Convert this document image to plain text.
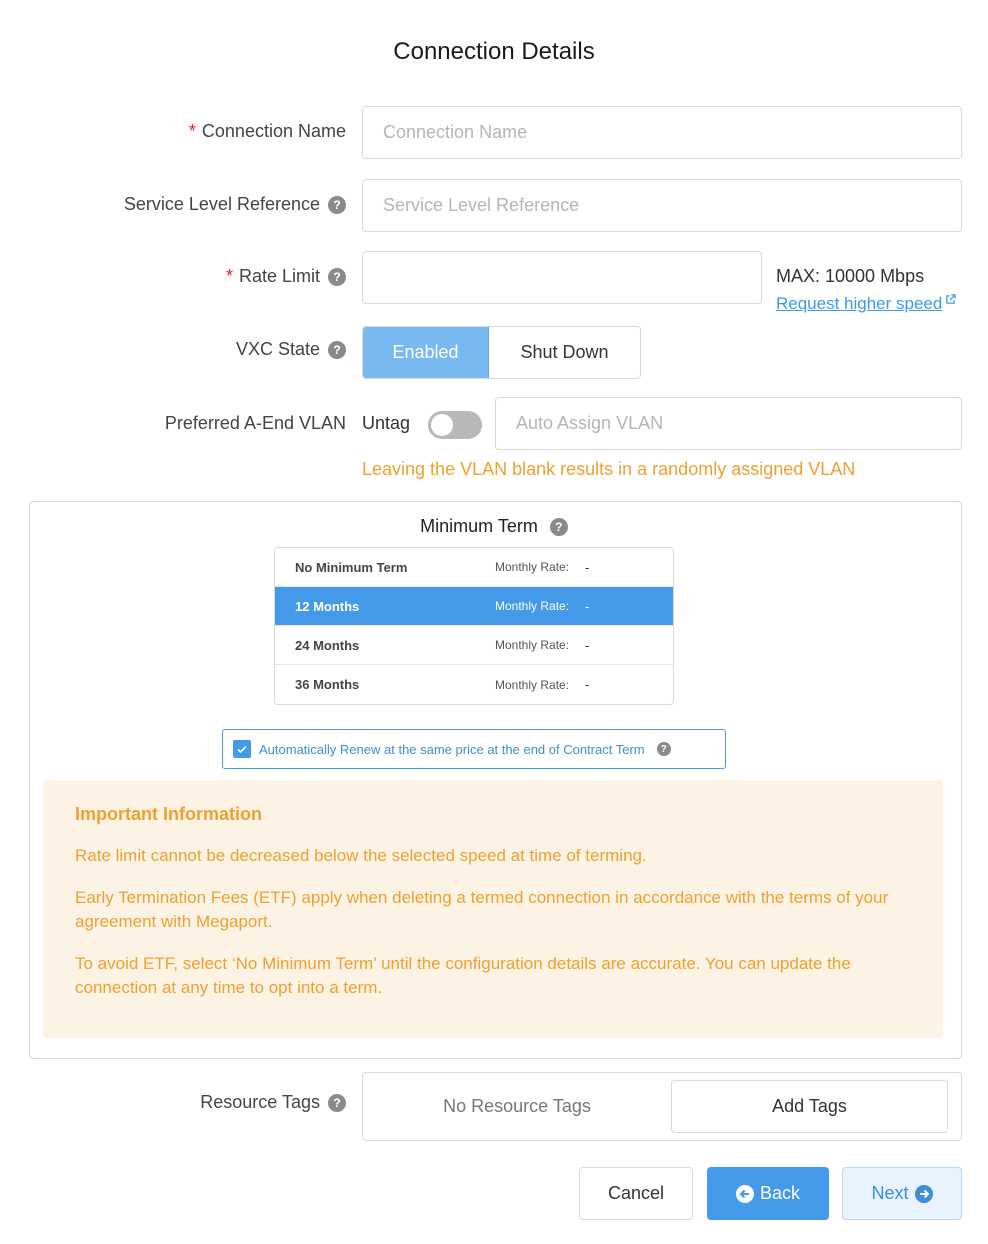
Connection Details
* Connection Name	Connection Name
Service Level Reference	?	Service Level Reference
* Rate Limit	?	MAX: 10000 Mbps
Request higher speed
VXC State	?	Enabled	Shut Down
Preferred A-End VLAN Untag	Auto Assign VLAN
Leaving the VLAN blank results in a randomly assigned VLAN
Minimum Term	?
No Minimum Term	Monthly Rate:	-
12 Months	Monthly Rate:	-
24 Months	Monthly Rate:	-
36 Months	Monthly Rate:	-
Automatically Renew at the same price at the end of Contract Term	?
Important Information

Rate limit cannot be decreased below the selected speed at time of terming.

Early Termination Fees (ETF) apply when deleting a termed connection in accordance with the terms of your agreement with Megaport.

To avoid ETF, select ‘No Minimum Term’ until the configuration details are accurate. You can update the connection at any time to opt into a term.

Resource Tags	?	No Resource Tags	Add Tags
Cancel	Back	Next
